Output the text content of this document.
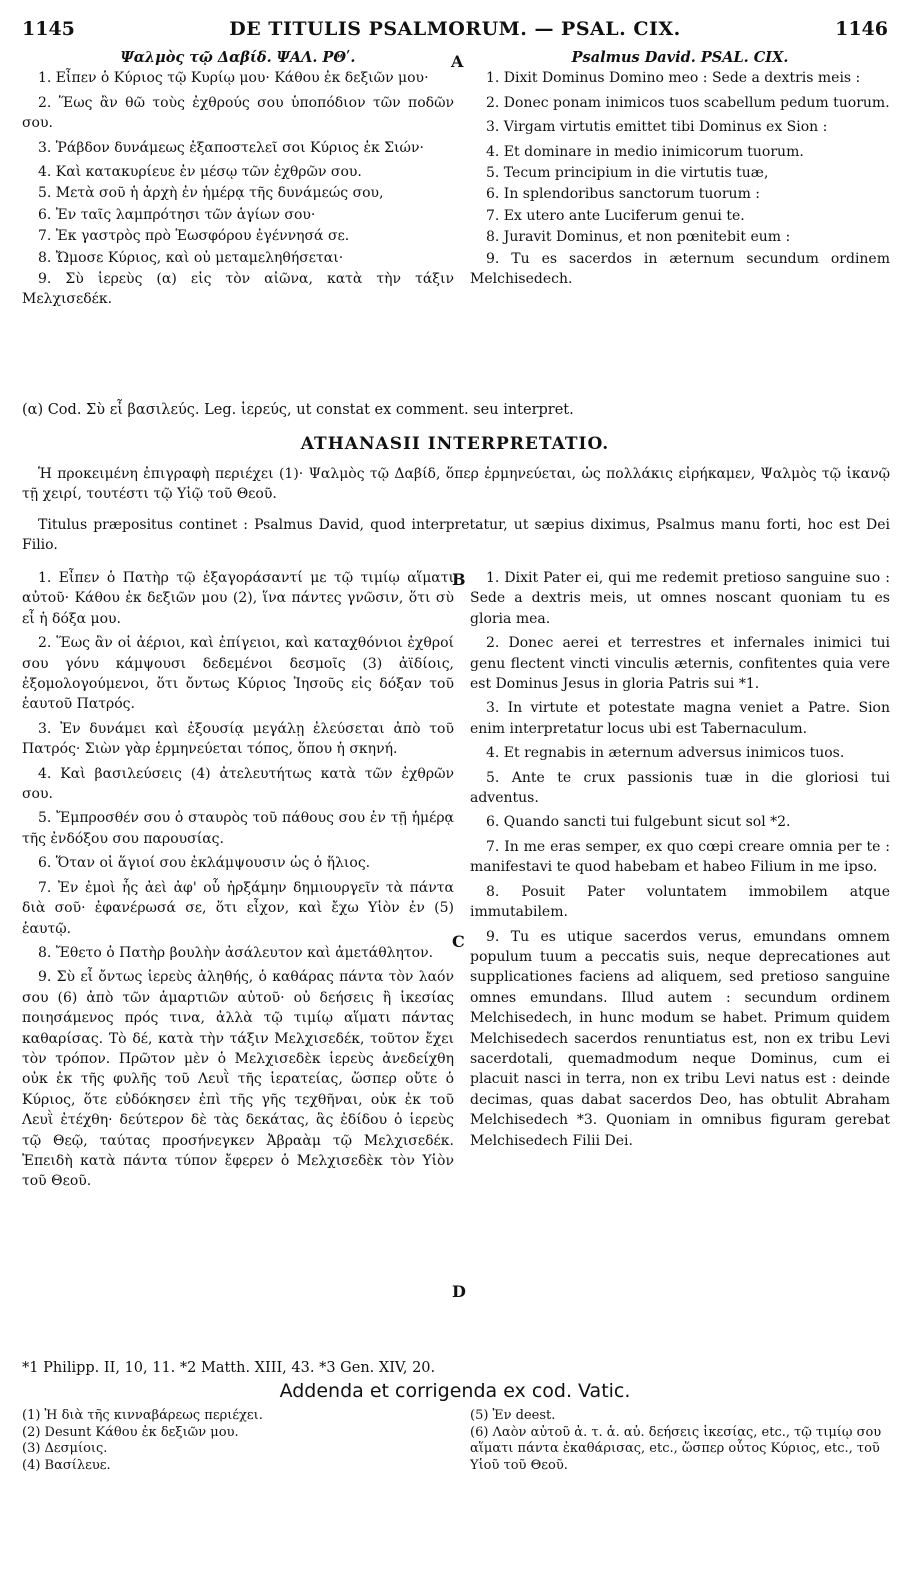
1145	DE TITULIS PSALMORUM. — PSAL. CIX.	1146

Ψαλμὸς τῷ Δαβίδ. ΨΑΛ. ΡΘʹ.

1. Εἶπεν ὁ Κύριος τῷ Κυρίῳ μου· Κάθου ἐκ δεξιῶν μου·

2. Ἕως ἂν θῶ τοὺς ἐχθρούς σου ὑποπόδιον τῶν ποδῶν σου.

3. Ῥάβδον δυνάμεως ἐξαποστελεῖ σοι Κύριος ἐκ Σιών·

4. Καὶ κατακυρίευε ἐν μέσῳ τῶν ἐχθρῶν σου.

5. Μετὰ σοῦ ἡ ἀρχὴ ἐν ἡμέρᾳ τῆς δυνάμεώς σου,

6. Ἐν ταῖς λαμπρότησι τῶν ἁγίων σου·

7. Ἐκ γαστρὸς πρὸ Ἑωσφόρου ἐγέννησά σε.

8. Ὤμοσε Κύριος, καὶ οὐ μεταμεληθήσεται·

9. Σὺ ἱερεὺς (α) εἰς τὸν αἰῶνα, κατὰ τὴν τάξιν Μελχισεδέκ.

A	Psalmus David. PSAL. CIX.

1. Dixit Dominus Domino meo : Sede a dextris meis :

2. Donec ponam inimicos tuos scabellum pedum tuorum.

3. Virgam virtutis emittet tibi Dominus ex Sion :

4. Et dominare in medio inimicorum tuorum.

5. Tecum principium in die virtutis tuæ,

6. In splendoribus sanctorum tuorum :

7. Ex utero ante Luciferum genui te.

8. Juravit Dominus, et non pœnitebit eum :

9. Tu es sacerdos in æternum secundum ordinem Melchisedech.

(α) Cod. Σὺ εἶ βασιλεύς. Leg. ἱερεύς, ut constat ex comment. seu interpret.
ATHANASII INTERPRETATIO.
Ἡ προκειμένη ἐπιγραφὴ περιέχει (1)· Ψαλμὸς τῷ Δαβίδ, ὅπερ ἑρμηνεύεται, ὡς πολλάκις εἰρήκαμεν, Ψαλμὸς τῷ ἱκανῷ τῇ χειρί, τουτέστι τῷ Υἱῷ τοῦ Θεοῦ.
Titulus præpositus continet : Psalmus David, quod interpretatur, ut sæpius diximus, Psalmus manu forti, hoc est Dei Filio.

1. Εἶπεν ὁ Πατὴρ τῷ ἐξαγοράσαντί με τῷ τιμίῳ αἵματι αὐτοῦ· Κάθου ἐκ δεξιῶν μου (2), ἵνα πάντες γνῶσιν, ὅτι σὺ εἶ ἡ δόξα μου.

2. Ἕως ἂν οἱ ἀέριοι, καὶ ἐπίγειοι, καὶ καταχθόνιοι ἐχθροί σου γόνυ κάμψουσι δεδεμένοι δεσμοῖς (3) ἀϊδίοις, ἐξομολογούμενοι, ὅτι ὄντως Κύριος Ἰησοῦς εἰς δόξαν τοῦ ἑαυτοῦ Πατρός.

3. Ἐν δυνάμει καὶ ἐξουσίᾳ μεγάλῃ ἐλεύσεται ἀπὸ τοῦ Πατρός· Σιὼν γὰρ ἑρμηνεύεται τόπος, ὅπου ἡ σκηνή.

4. Καὶ βασιλεύσεις (4) ἀτελευτήτως κατὰ τῶν ἐχθρῶν σου.

5. Ἔμπροσθέν σου ὁ σταυρὸς τοῦ πάθους σου ἐν τῇ ἡμέρᾳ τῆς ἐνδόξου σου παρουσίας.

6. Ὅταν οἱ ἅγιοί σου ἐκλάμψουσιν ὡς ὁ ἥλιος.

7. Ἐν ἐμοὶ ἧς ἀεὶ ἀφ' οὗ ἠρξάμην δημιουργεῖν τὰ πάντα διὰ σοῦ· ἐφανέρωσά σε, ὅτι εἶχον, καὶ ἔχω Υἱὸν ἐν (5) ἑαυτῷ.

8. Ἔθετο ὁ Πατὴρ βουλὴν ἀσάλευτον καὶ ἀμετάθλητον.

9. Σὺ εἶ ὄντως ἱερεὺς ἀληθής, ὁ καθάρας πάντα τὸν λαόν σου (6) ἀπὸ τῶν ἁμαρτιῶν αὐτοῦ· οὐ δεήσεις ἢ ἱκεσίας ποιησάμενος πρός τινα, ἀλλὰ τῷ τιμίῳ αἵματι πάντας καθαρίσας. Τὸ δέ, κατὰ τὴν τάξιν Μελχισεδέκ, τοῦτον ἔχει τὸν τρόπον. Πρῶτον μὲν ὁ Μελχισεδὲκ ἱερεὺς ἀνεδείχθη οὐκ ἐκ τῆς φυλῆς τοῦ Λευῒ τῆς ἱερατείας, ὥσπερ οὔτε ὁ Κύριος, ὅτε εὐδόκησεν ἐπὶ τῆς γῆς τεχθῆναι, οὐκ ἐκ τοῦ Λευῒ ἐτέχθη· δεύτερον δὲ τὰς δεκάτας, ἃς ἐδίδου ὁ ἱερεὺς τῷ Θεῷ, ταύτας προσήνεγκεν Ἀβραὰμ τῷ Μελχισεδέκ. Ἐπειδὴ κατὰ πάντα τύπον ἔφερεν ὁ Μελχισεδὲκ τὸν Υἱὸν τοῦ Θεοῦ.

B
C
D

1. Dixit Pater ei, qui me redemit pretioso sanguine suo : Sede a dextris meis, ut omnes noscant quoniam tu es gloria mea.

2. Donec aerei et terrestres et infernales inimici tui genu flectent vincti vinculis æternis, confitentes quia vere est Dominus Jesus in gloria Patris sui *1.

3. In virtute et potestate magna veniet a Patre. Sion enim interpretatur locus ubi est Tabernaculum.

4. Et regnabis in æternum adversus inimicos tuos.

5. Ante te crux passionis tuæ in die gloriosi tui adventus.

6. Quando sancti tui fulgebunt sicut sol *2.

7. In me eras semper, ex quo cœpi creare omnia per te : manifestavi te quod habebam et habeo Filium in me ipso.

8. Posuit Pater voluntatem immobilem atque immutabilem.

9. Tu es utique sacerdos verus, emundans omnem populum tuum a peccatis suis, neque deprecationes aut supplicationes faciens ad aliquem, sed pretioso sanguine omnes emundans. Illud autem : secundum ordinem Melchisedech, in hunc modum se habet. Primum quidem Melchisedech sacerdos renuntiatus est, non ex tribu Levi sacerdotali, quemadmodum neque Dominus, cum ei placuit nasci in terra, non ex tribu Levi natus est : deinde decimas, quas dabat sacerdos Deo, has obtulit Abraham Melchisedech *3. Quoniam in omnibus figuram gerebat Melchisedech Filii Dei.

*1 Philipp. II, 10, 11. *2 Matth. XIII, 43. *3 Gen. XIV, 20.
Addenda et corrigenda ex cod. Vatic.

(1) Ἡ διὰ τῆς κινναβάρεως περιέχει.

(2) Desunt Κάθου ἐκ δεξιῶν μου.

(3) Δεσμίοις.

(4) Βασίλευε.

(5) Ἐν deest.

(6) Λαὸν αὐτοῦ ἀ. τ. ἁ. αὐ. δεήσεις ἱκεσίας, etc., τῷ τιμίῳ σου αἵματι πάντα ἐκαθάρισας, etc., ὥσπερ οὗτος Κύριος, etc., τοῦ Υἱοῦ τοῦ Θεοῦ.
